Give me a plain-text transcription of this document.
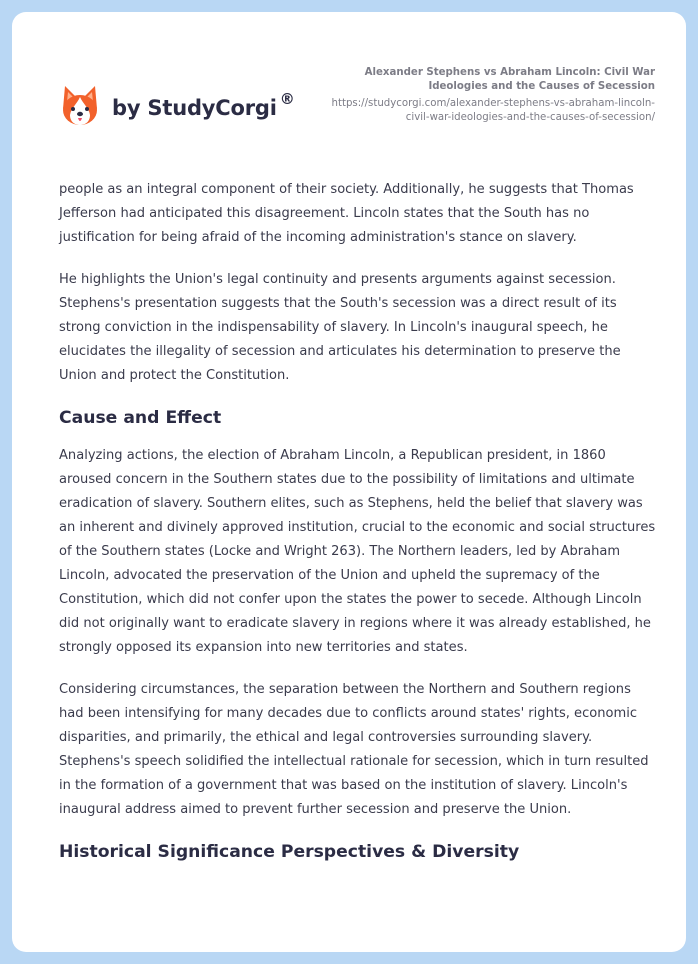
by StudyCorgi ®
Alexander Stephens vs Abraham Lincoln: Civil War Ideologies and the Causes of Secession
https://studycorgi.com/alexander-stephens-vs-abraham-lincoln-civil-war-ideologies-and-the-causes-of-secession/

people as an integral component of their society. Additionally, he suggests that Thomas Jefferson had anticipated this disagreement. Lincoln states that the South has no justification for being afraid of the incoming administration's stance on slavery.

He highlights the Union's legal continuity and presents arguments against secession. Stephens's presentation suggests that the South's secession was a direct result of its strong conviction in the indispensability of slavery. In Lincoln's inaugural speech, he elucidates the illegality of secession and articulates his determination to preserve the Union and protect the Constitution.

Cause and Effect

Analyzing actions, the election of Abraham Lincoln, a Republican president, in 1860 aroused concern in the Southern states due to the possibility of limitations and ultimate eradication of slavery. Southern elites, such as Stephens, held the belief that slavery was an inherent and divinely approved institution, crucial to the economic and social structures of the Southern states (Locke and Wright 263). The Northern leaders, led by Abraham Lincoln, advocated the preservation of the Union and upheld the supremacy of the Constitution, which did not confer upon the states the power to secede. Although Lincoln did not originally want to eradicate slavery in regions where it was already established, he strongly opposed its expansion into new territories and states.

Considering circumstances, the separation between the Northern and Southern regions had been intensifying for many decades due to conflicts around states' rights, economic disparities, and primarily, the ethical and legal controversies surrounding slavery. Stephens's speech solidified the intellectual rationale for secession, which in turn resulted in the formation of a government that was based on the institution of slavery. Lincoln's inaugural address aimed to prevent further secession and preserve the Union.

Historical Significance Perspectives & Diversity
